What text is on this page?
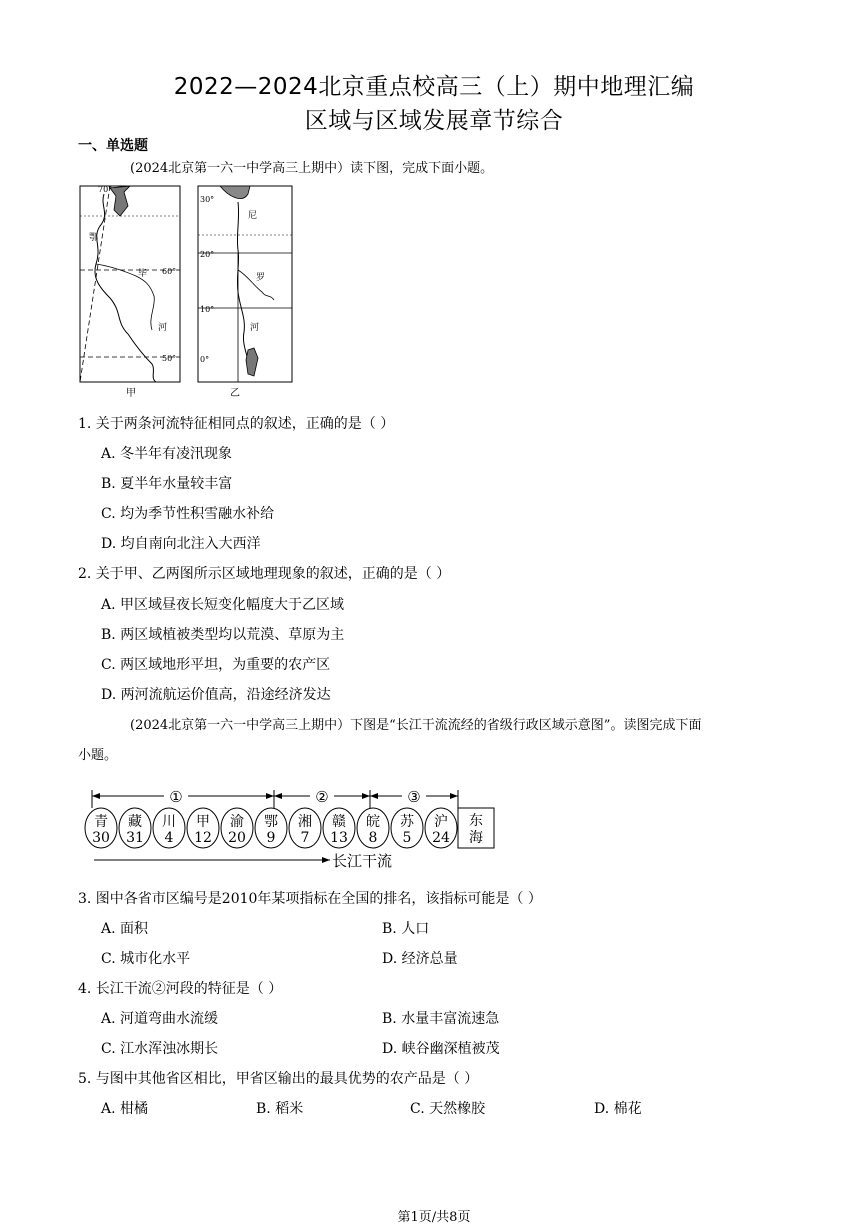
2022—2024北京重点校高三（上）期中地理汇编
区域与区域发展章节综合
一、单选题
(2024北京第一六一中学高三上期中）读下图，完成下面小题。
70°
60°
50°
鄂
毕
河
甲
30°
20°
10°
0°
尼
罗
河
乙
1. 关于两条河流特征相同点的叙述，正确的是（ ）
A. 冬半年有凌汛现象
B. 夏半年水量较丰富
C. 均为季节性积雪融水补给
D. 均自南向北注入大西洋
2. 关于甲、乙两图所示区域地理现象的叙述，正确的是（ ）
A. 甲区域昼夜长短变化幅度大于乙区域
B. 两区域植被类型均以荒漠、草原为主
C. 两区域地形平坦，为重要的农产区
D. 两河流航运价值高，沿途经济发达
(2024北京第一六一中学高三上期中）下图是“长江干流流经的省级行政区域示意图”。读图完成下面
小题。
①	②	③
青
30
藏
31
川
4
甲
12
渝
20
鄂
9
湘
7
赣
13
皖
8
苏
5
沪
24
东
海
长江干流
3. 图中各省市区编号是2010年某项指标在全国的排名，该指标可能是（ ）
A. 面积	B. 人口
C. 城市化水平	D. 经济总量
4. 长江干流②河段的特征是（ ）
A. 河道弯曲水流缓	B. 水量丰富流速急
C. 江水浑浊冰期长	D. 峡谷幽深植被茂
5. 与图中其他省区相比，甲省区输出的最具优势的农产品是（ ）
A. 柑橘	B. 稻米	C. 天然橡胶	D. 棉花
第1页/共8页
